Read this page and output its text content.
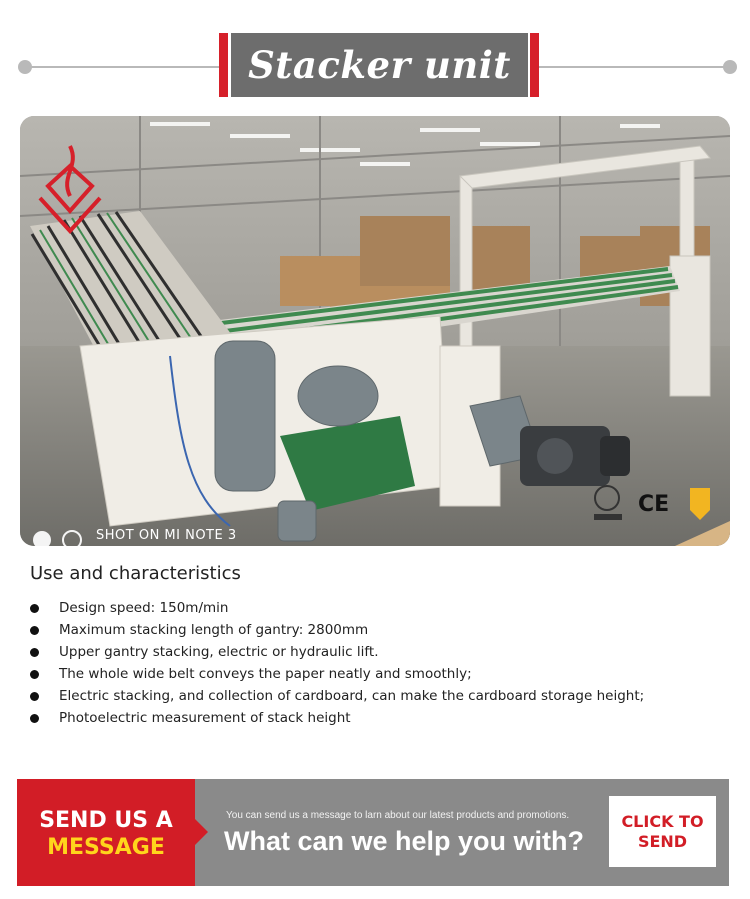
Stacker unit
SHOT ON MI NOTE 3
CE
Use and characteristics
Design speed: 150m/min
Maximum stacking length of gantry: 2800mm
Upper gantry stacking, electric or hydraulic lift.
The whole wide belt conveys the paper neatly and smoothly;
Electric stacking, and collection of cardboard, can make the cardboard storage height;
Photoelectric measurement of stack height
SEND US A
MESSAGE
You can send us a message to larn about our latest products and promotions.
What can we help you with?
CLICK TO
SEND
